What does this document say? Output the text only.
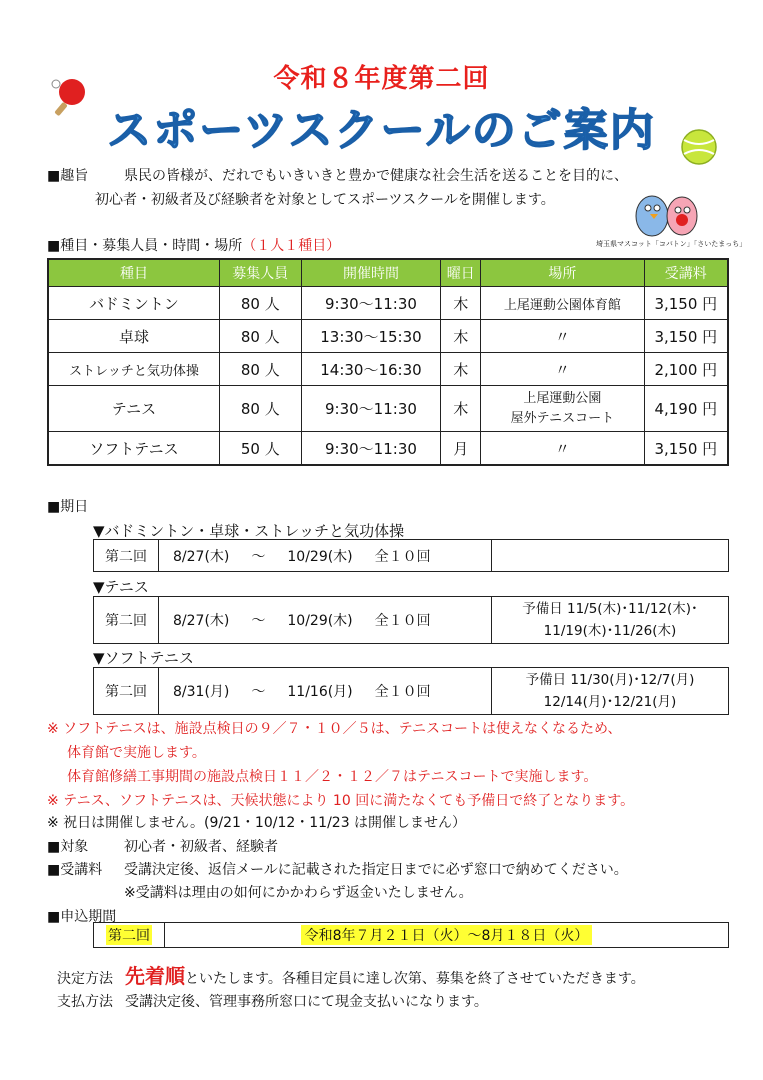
令和８年度第二回
スポーツスクールのご案内
埼玉県マスコット「コバトン」「さいたまっち」
■趣旨	県民の皆様が、だれでもいきいきと豊かで健康な社会生活を送ることを目的に、
初心者・初級者及び経験者を対象としてスポーツスクールを開催します。
■種目・募集人員・時間・場所（１人１種目）
種目	募集人員	開催時間	曜日	場所	受講料
バドミントン	80 人	9:30～11:30	木	上尾運動公園体育館	3,150 円
卓球	80 人	13:30～15:30	木	〃	3,150 円
ストレッチと気功体操	80 人	14:30～16:30	木	〃	2,100 円
テニス	80 人	9:30～11:30	木	上尾運動公園
屋外テニスコート	4,190 円
ソフトテニス	50 人	9:30～11:30	月	〃	3,150 円
■期日
▼バドミントン・卓球・ストレッチと気功体操
第二回	8/27(木) ～ 10/29(木) 全１０回
▼テニス
第二回	8/27(木) ～ 10/29(木) 全１０回
予備日 11/5(木)･11/12(木)･
11/19(木)･11/26(木)
▼ソフトテニス
第二回	8/31(月) ～ 11/16(月) 全１０回
予備日 11/30(月)･12/7(月)
12/14(月)･12/21(月)
※ ソフトテニスは、施設点検日の９／７・１０／５は、テニスコートは使えなくなるため、
体育館で実施します。
体育館修繕工事期間の施設点検日１１／２・１２／７はテニスコートで実施します。
※ テニス、ソフトテニスは、天候状態により 10 回に満たなくても予備日で終了となります。
※ 祝日は開催しません。(9/21・10/12・11/23 は開催しません）
■対象	初心者・初級者、経験者
■受講料 受講決定後、返信メールに記載された指定日までに必ず窓口で納めてください。
※受講料は理由の如何にかかわらず返金いたしません。
■申込期間
第二回	令和8年７月２１日（火）～8月１８日（火）
決定方法 先着順 といたします。各種目定員に達し次第、募集を終了させていただきます。
支払方法 受講決定後、管理事務所窓口にて現金支払いになります。
